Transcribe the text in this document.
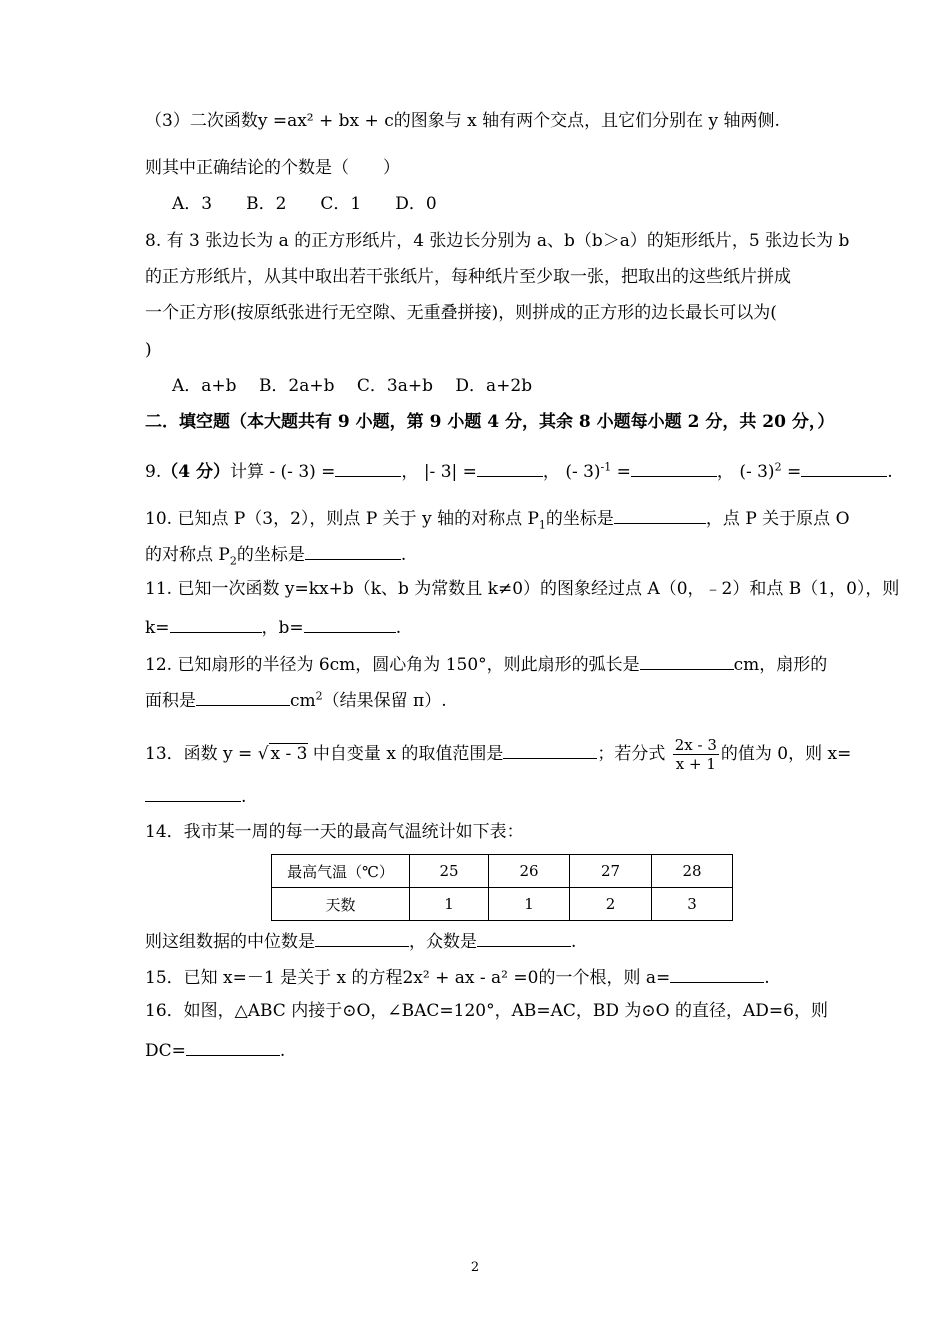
（3）二次函数y =ax² + bx + c的图象与 x 轴有两个交点，且它们分别在 y 轴两侧.
则其中正确结论的个数是（　　）
A．3　　B．2　　C．1　　D．0
8. 有 3 张边长为 a 的正方形纸片，4 张边长分别为 a、b（b＞a）的矩形纸片，5 张边长为 b
的正方形纸片，从其中取出若干张纸片，每种纸片至少取一张，把取出的这些纸片拼成
一个正方形(按原纸张进行无空隙、无重叠拼接)，则拼成的正方形的边长最长可以为(
)
A．a+b　 B．2a+b　 C．3a+b　 D．a+2b
二．填空题（本大题共有 9 小题，第 9 小题 4 分，其余 8 小题每小题 2 分，共 20 分，）
9.（4 分）计算 - (- 3) =	， |- 3| =	， (- 3)$^{-1}$ =	， (- 3)$^2$ =	.
10. 已知点 P（3，2），则点 P 关于 y 轴的对称点 $P_1$的坐标是	，点 P 关于原点 O
的对称点 $P_2$的坐标是	.
11. 已知一次函数 y=kx+b（k、b 为常数且 k≠0）的图象经过点 A（0，﹣2）和点 B（1，0），则
k=	，b=	.
12. 已知扇形的半径为 6cm，圆心角为 150°，则此扇形的弧长是	cm，扇形的
面积是	$cm^2$（结果保留 π）.
13．函数 y = √ x - 3 中自变量 x 的取值范围是	；若分式 $\frac{2x - 3}{x + 1}$ 的值为 0，则 x=
.
14．我市某一周的每一天的最高气温统计如下表：
最高气温（℃）	25	26	27	28
天数	1	1	2	3
则这组数据的中位数是	，众数是	.
15．已知 x=－1 是关于 x 的方程2x² + ax - a² =0的一个根，则 a=	.
16．如图，△ABC 内接于⊙O，∠BAC=120°，AB=AC，BD 为⊙O 的直径，AD=6，则
DC=	.
2
